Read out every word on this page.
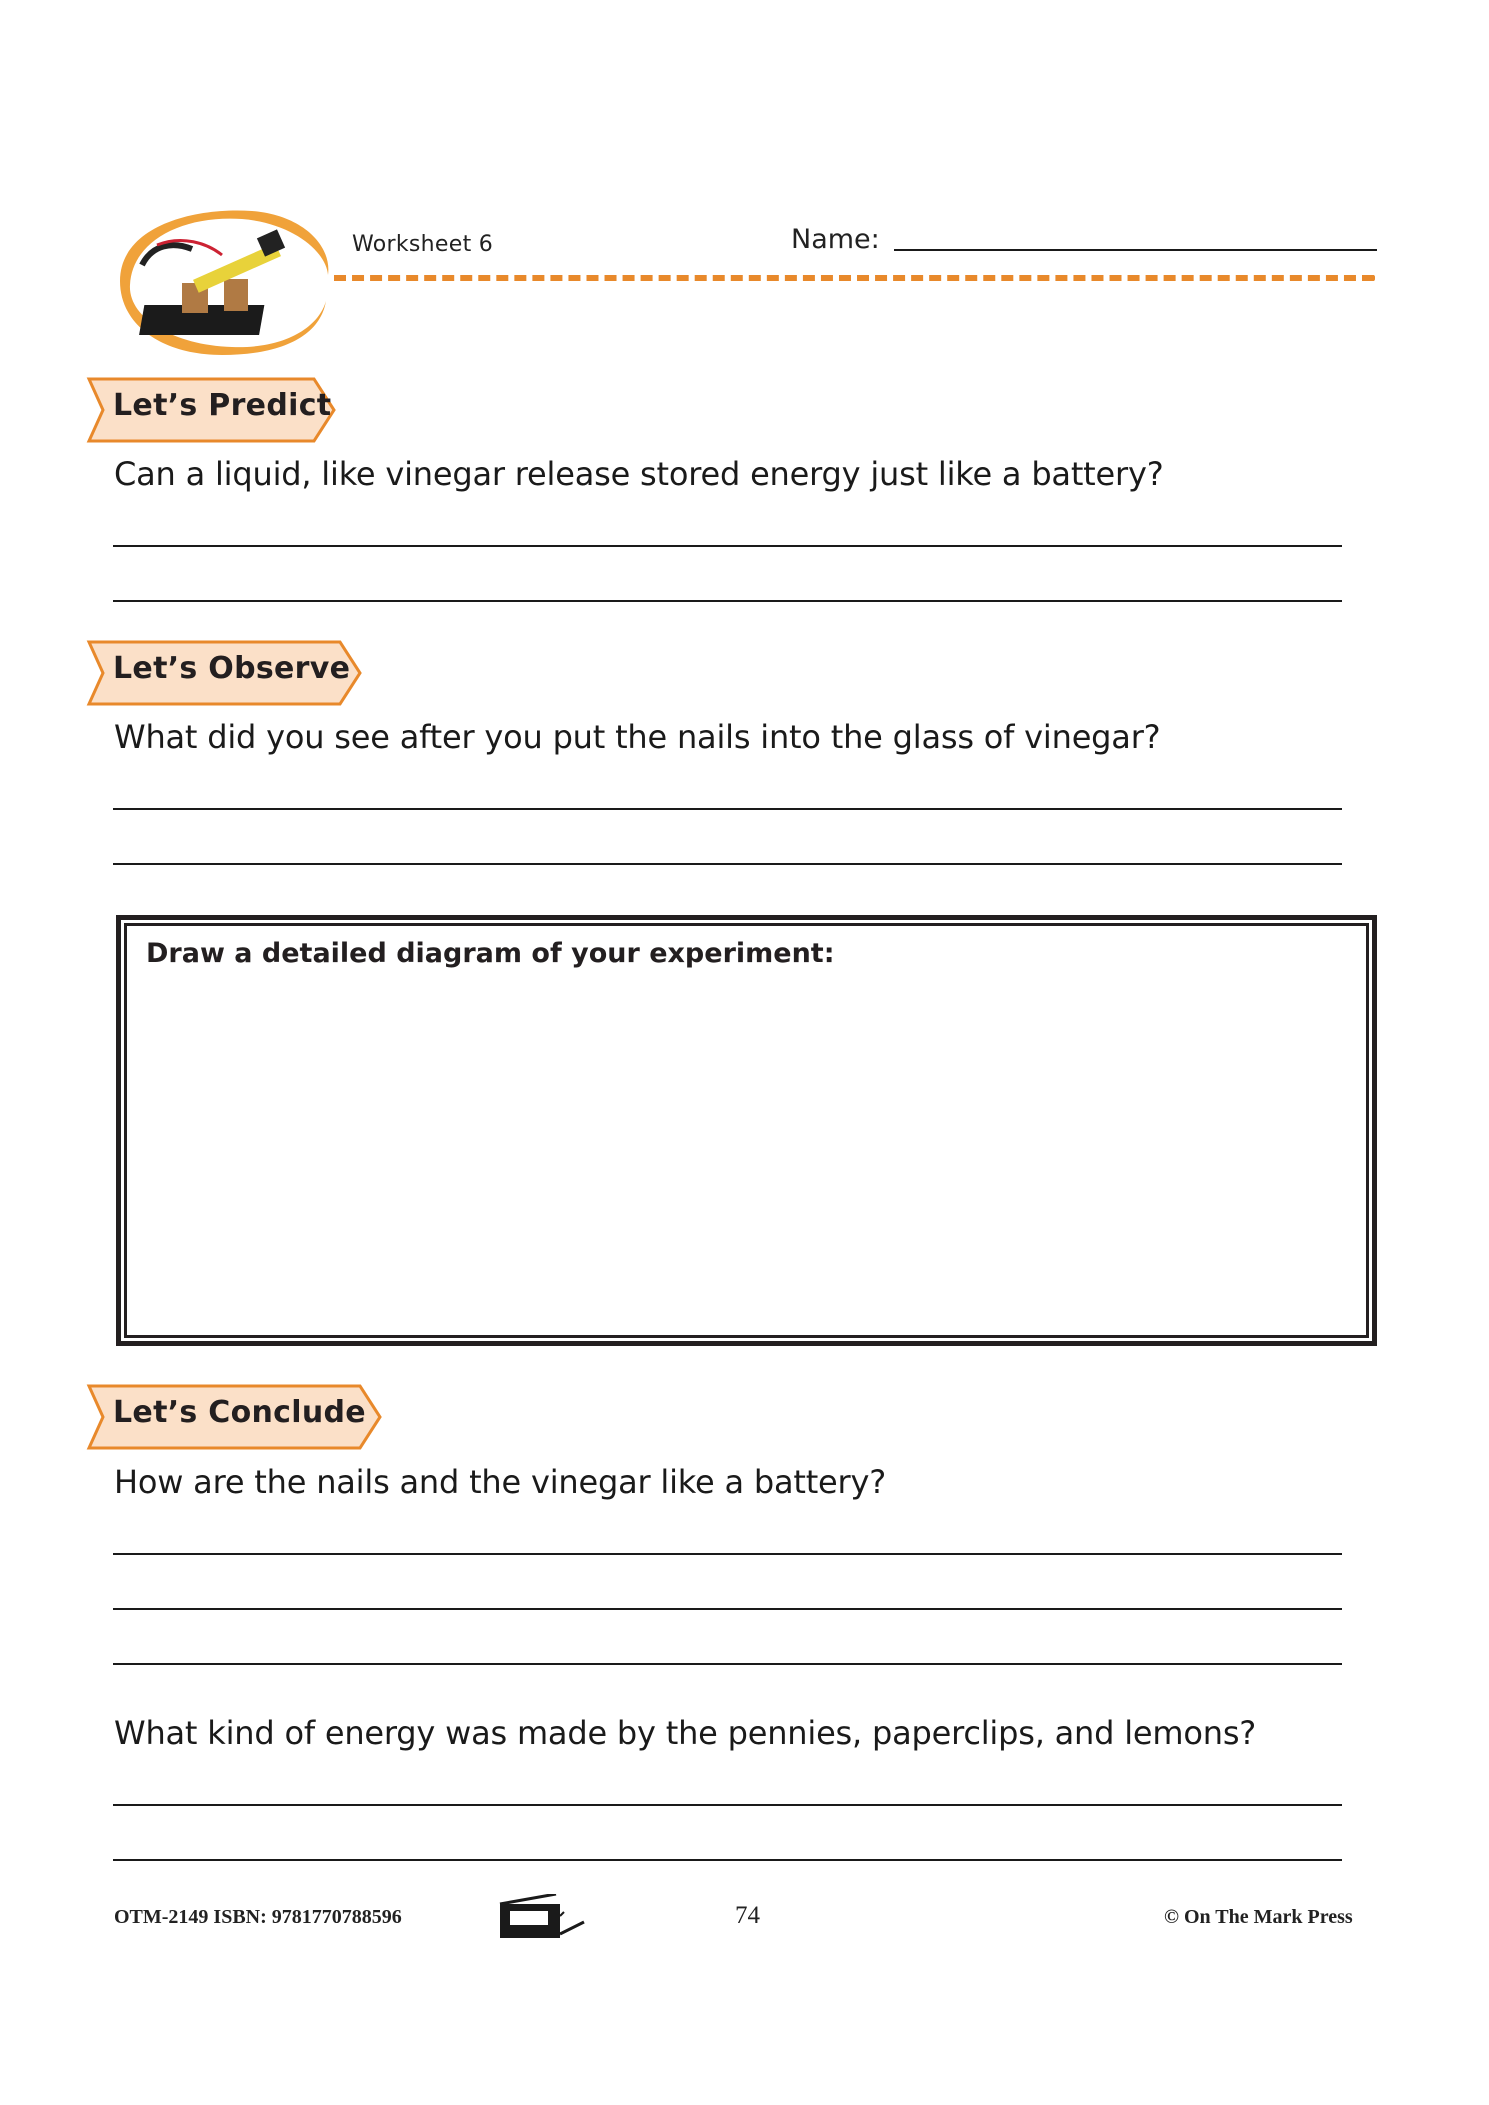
Worksheet 6	Name:
Let’s Predict
Can a liquid, like vinegar release stored energy just like a battery?
Let’s Observe
What did you see after you put the nails into the glass of vinegar?
Draw a detailed diagram of your experiment:
Let’s Conclude
How are the nails and the vinegar like a battery?
What kind of energy was made by the pennies, paperclips, and lemons?
OTM-2149 ISBN: 9781770788596	74	© On The Mark Press
